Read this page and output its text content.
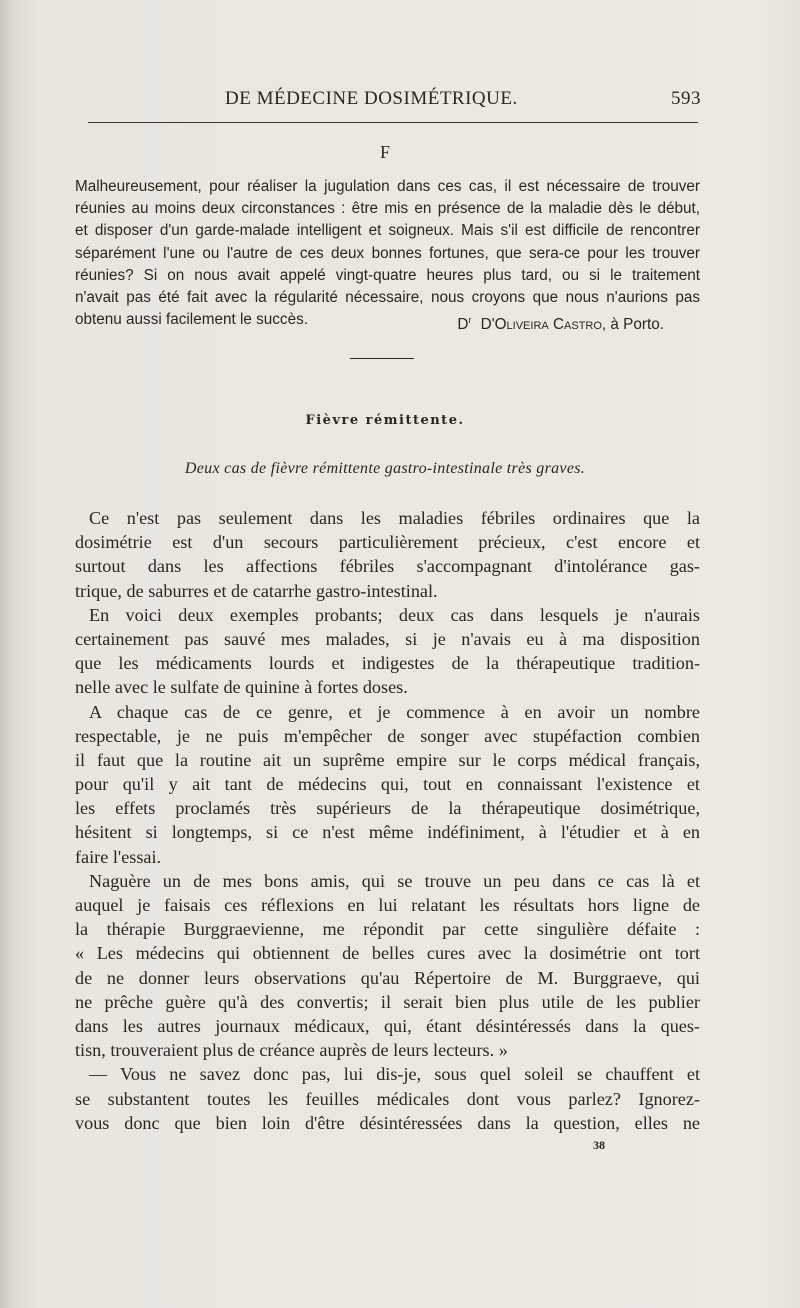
DE MÉDECINE DOSIMÉTRIQUE.	593
F
Malheureusement, pour réaliser la jugulation dans ces cas, il est nécessaire de trouver
réunies au moins deux circonstances : être mis en présence de la maladie dès le début,
et disposer d'un garde-malade intelligent et soigneux. Mais s'il est difficile de rencontrer
séparément l'une ou l'autre de ces deux bonnes fortunes, que sera-ce pour les trouver
réunies? Si on nous avait appelé vingt-quatre heures plus tard, ou si le traitement
n'avait pas été fait avec la régularité nécessaire, nous croyons que nous n'aurions pas
obtenu aussi facilement le succès.	$D^r$ D'Oliveira Castro, à Porto.
Fièvre rémittente.
Deux cas de fièvre rémittente gastro-intestinale très graves.
Ce n'est pas seulement dans les maladies fébriles ordinaires que la
dosimétrie est d'un secours particulièrement précieux, c'est encore et
surtout dans les affections fébriles s'accompagnant d'intolérance gas-
trique, de saburres et de catarrhe gastro-intestinal.
En voici deux exemples probants; deux cas dans lesquels je n'aurais
certainement pas sauvé mes malades, si je n'avais eu à ma disposition
que les médicaments lourds et indigestes de la thérapeutique tradition-
nelle avec le sulfate de quinine à fortes doses.
A chaque cas de ce genre, et je commence à en avoir un nombre
respectable, je ne puis m'empêcher de songer avec stupéfaction combien
il faut que la routine ait un suprême empire sur le corps médical français,
pour qu'il y ait tant de médecins qui, tout en connaissant l'existence et
les effets proclamés très supérieurs de la thérapeutique dosimétrique,
hésitent si longtemps, si ce n'est même indéfiniment, à l'étudier et à en
faire l'essai.
Naguère un de mes bons amis, qui se trouve un peu dans ce cas là et
auquel je faisais ces réflexions en lui relatant les résultats hors ligne de
la thérapie Burggraevienne, me répondit par cette singulière défaite :
« Les médecins qui obtiennent de belles cures avec la dosimétrie ont tort
de ne donner leurs observations qu'au Répertoire de M. Burggraeve, qui
ne prêche guère qu'à des convertis; il serait bien plus utile de les publier
dans les autres journaux médicaux, qui, étant désintéressés dans la ques-
tisn, trouveraient plus de créance auprès de leurs lecteurs. »
— Vous ne savez donc pas, lui dis-je, sous quel soleil se chauffent et
se substantent toutes les feuilles médicales dont vous parlez? Ignorez-
vous donc que bien loin d'être désintéressées dans la question, elles ne
38
